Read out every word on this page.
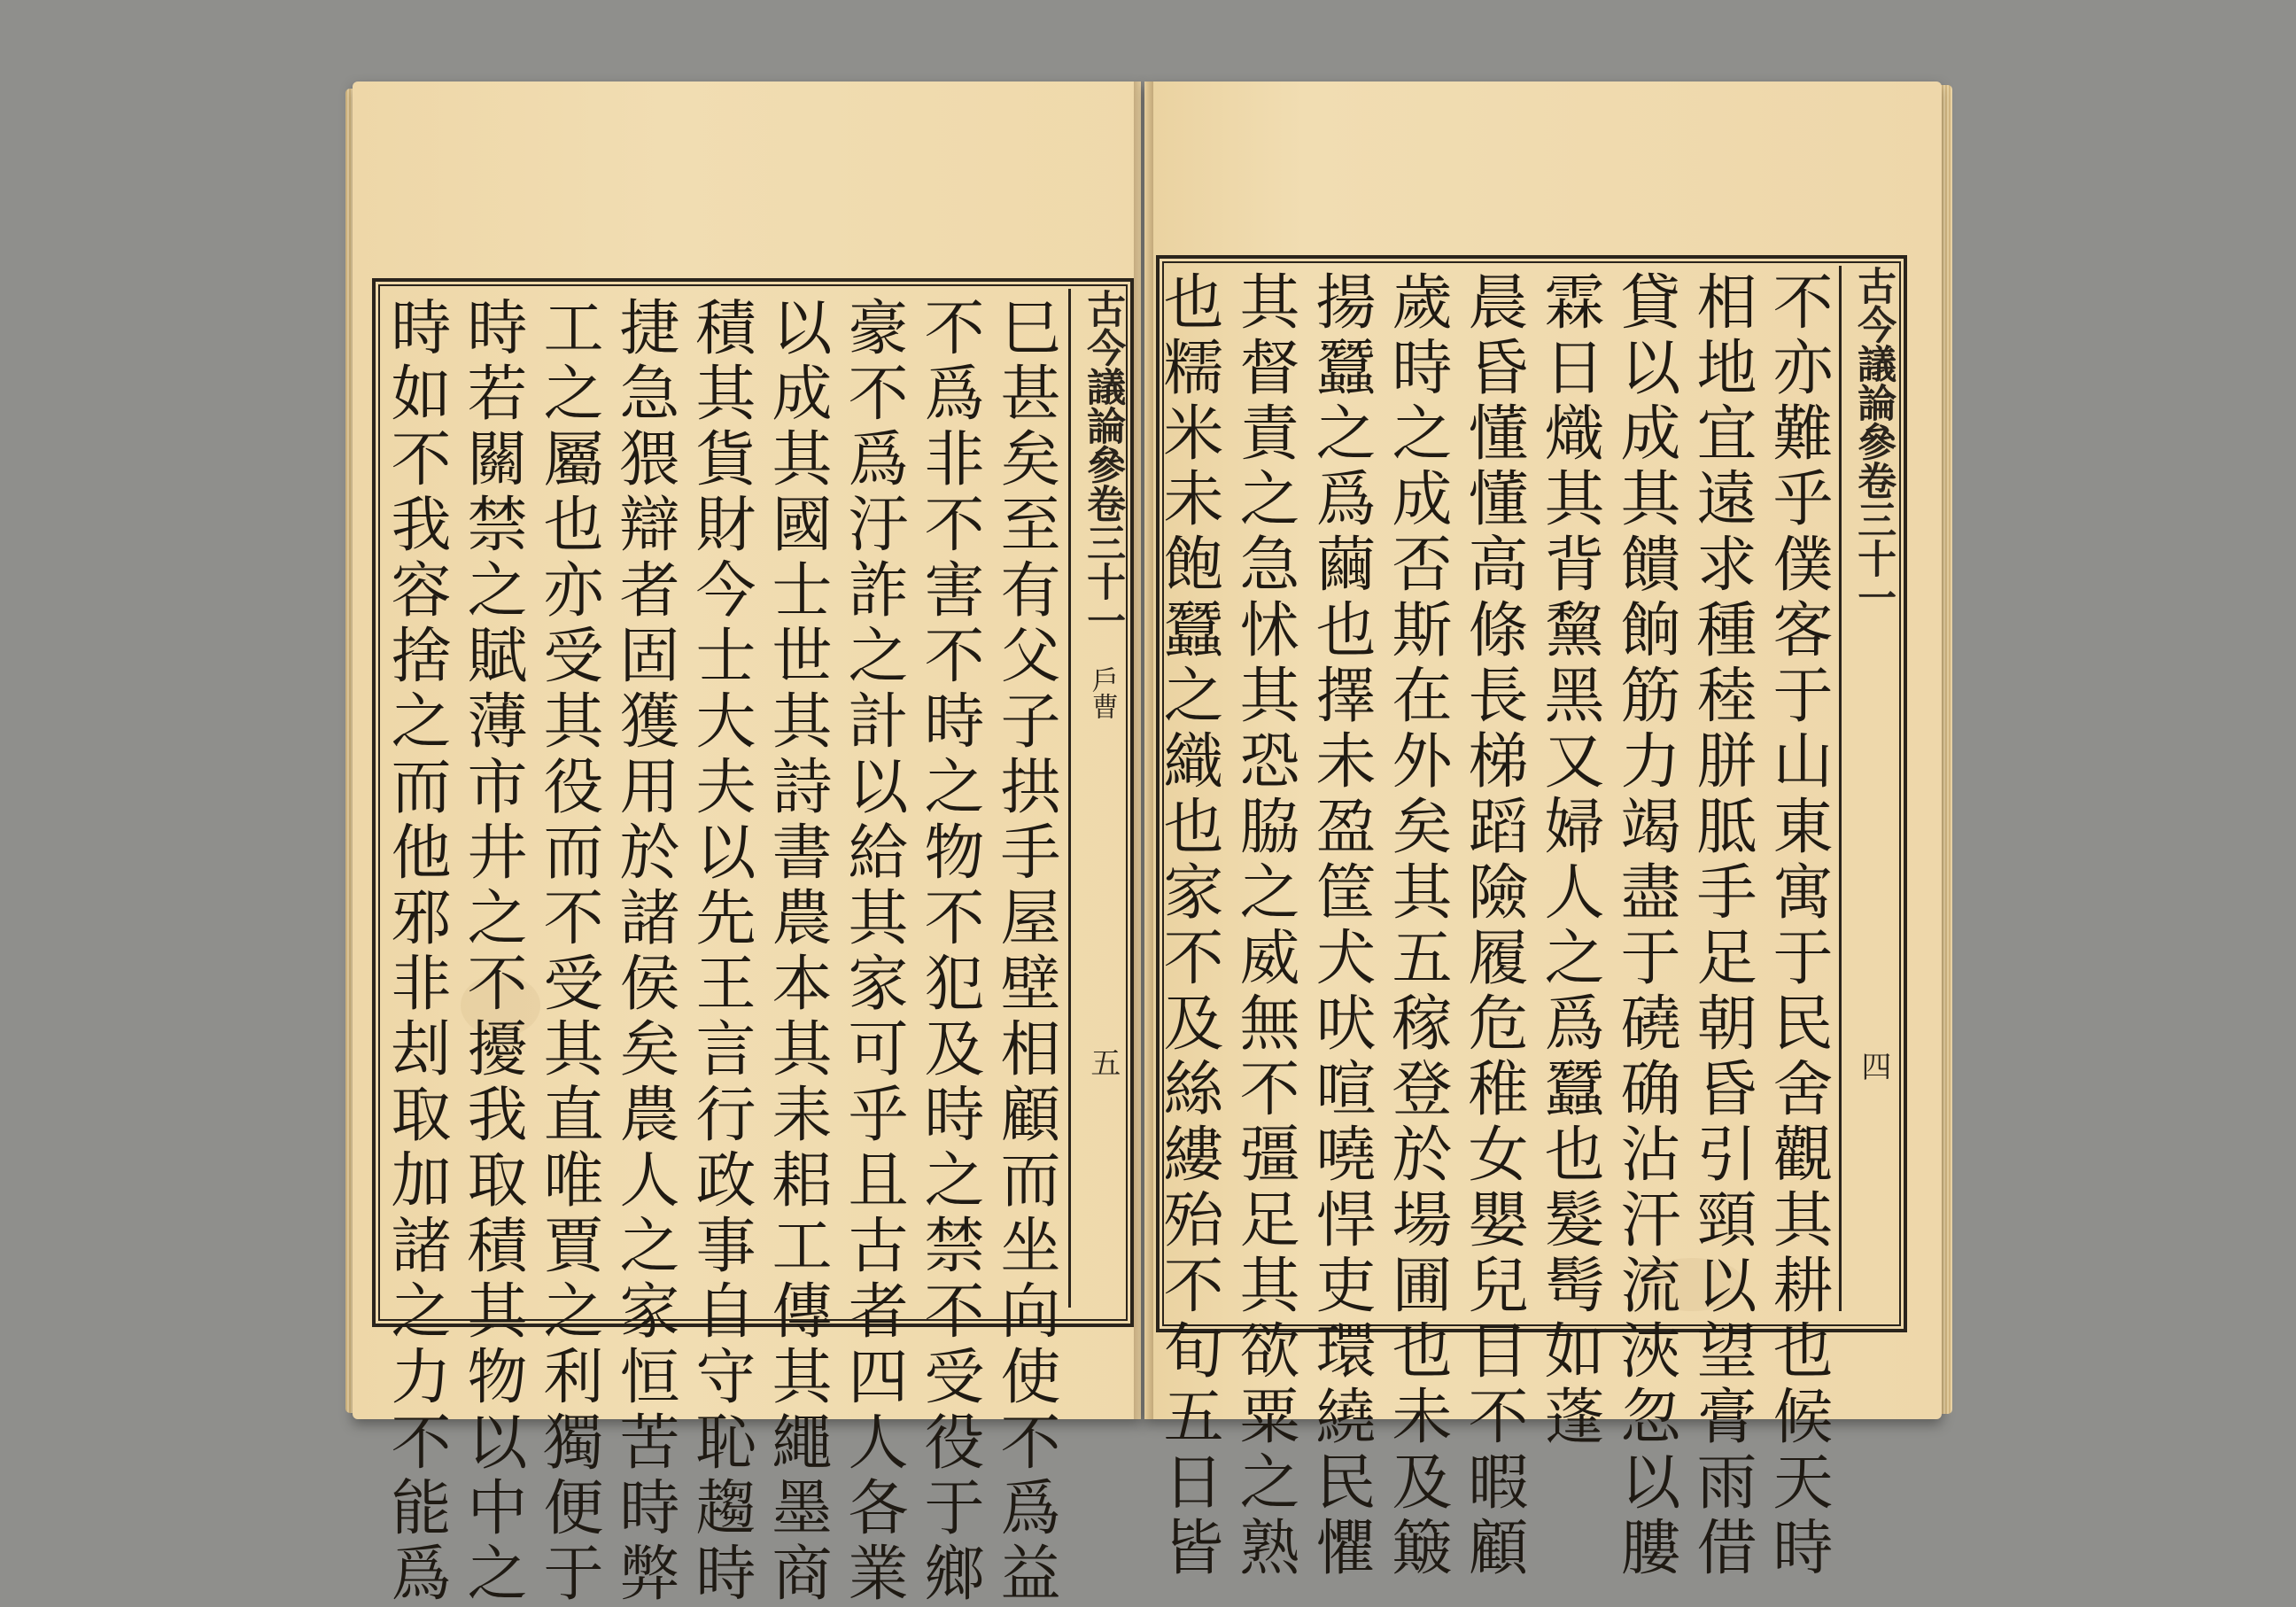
古今議論參
卷三十一
戶曹
五
巳甚矣至有父子拱手屋壁相顧而坐向使不爲益
不爲非不害不時之物不犯及時之禁不受役于鄉
豪不爲汙詐之計以給其家可乎且古者四人各業
以成其國士世其詩書農本其耒耜工傳其繩墨商
積其貨財今士大夫以先王言行政事自守恥趨時
捷急猥辯者固獲用於諸侯矣農人之家恒苦時弊
工之屬也亦受其役而不受其直唯賈之利獨便于
時若關禁之賦薄市井之不擾我取積其物以中之
時如不我容捨之而他邪非刦取加諸之力不能爲	古今議論參
卷三十一
四
不亦難乎僕客于山東寓于民舍觀其耕也候天時
相地宜遠求種稑胼胝手足朝昏引頸以望膏雨借
貸以成其饋餉筋力竭盡于磽确沾汗流浹忽以膢
霖日熾其背黧黑又婦人之爲蠶也髮髩如蓬
晨昏懂懂高條長梯蹈險履危稚女嬰兒目不暇顧
歲時之成否斯在外矣其五稼登於場圃也未及簸
揚蠶之爲繭也擇未盈筐犬吠喧嘵悍吏環繞民懼
其督責之急怵其恐脇之威無不彊足其欲粟之熟
也糯米未飽蠶之織也家不及絲縷殆不旬五日皆
